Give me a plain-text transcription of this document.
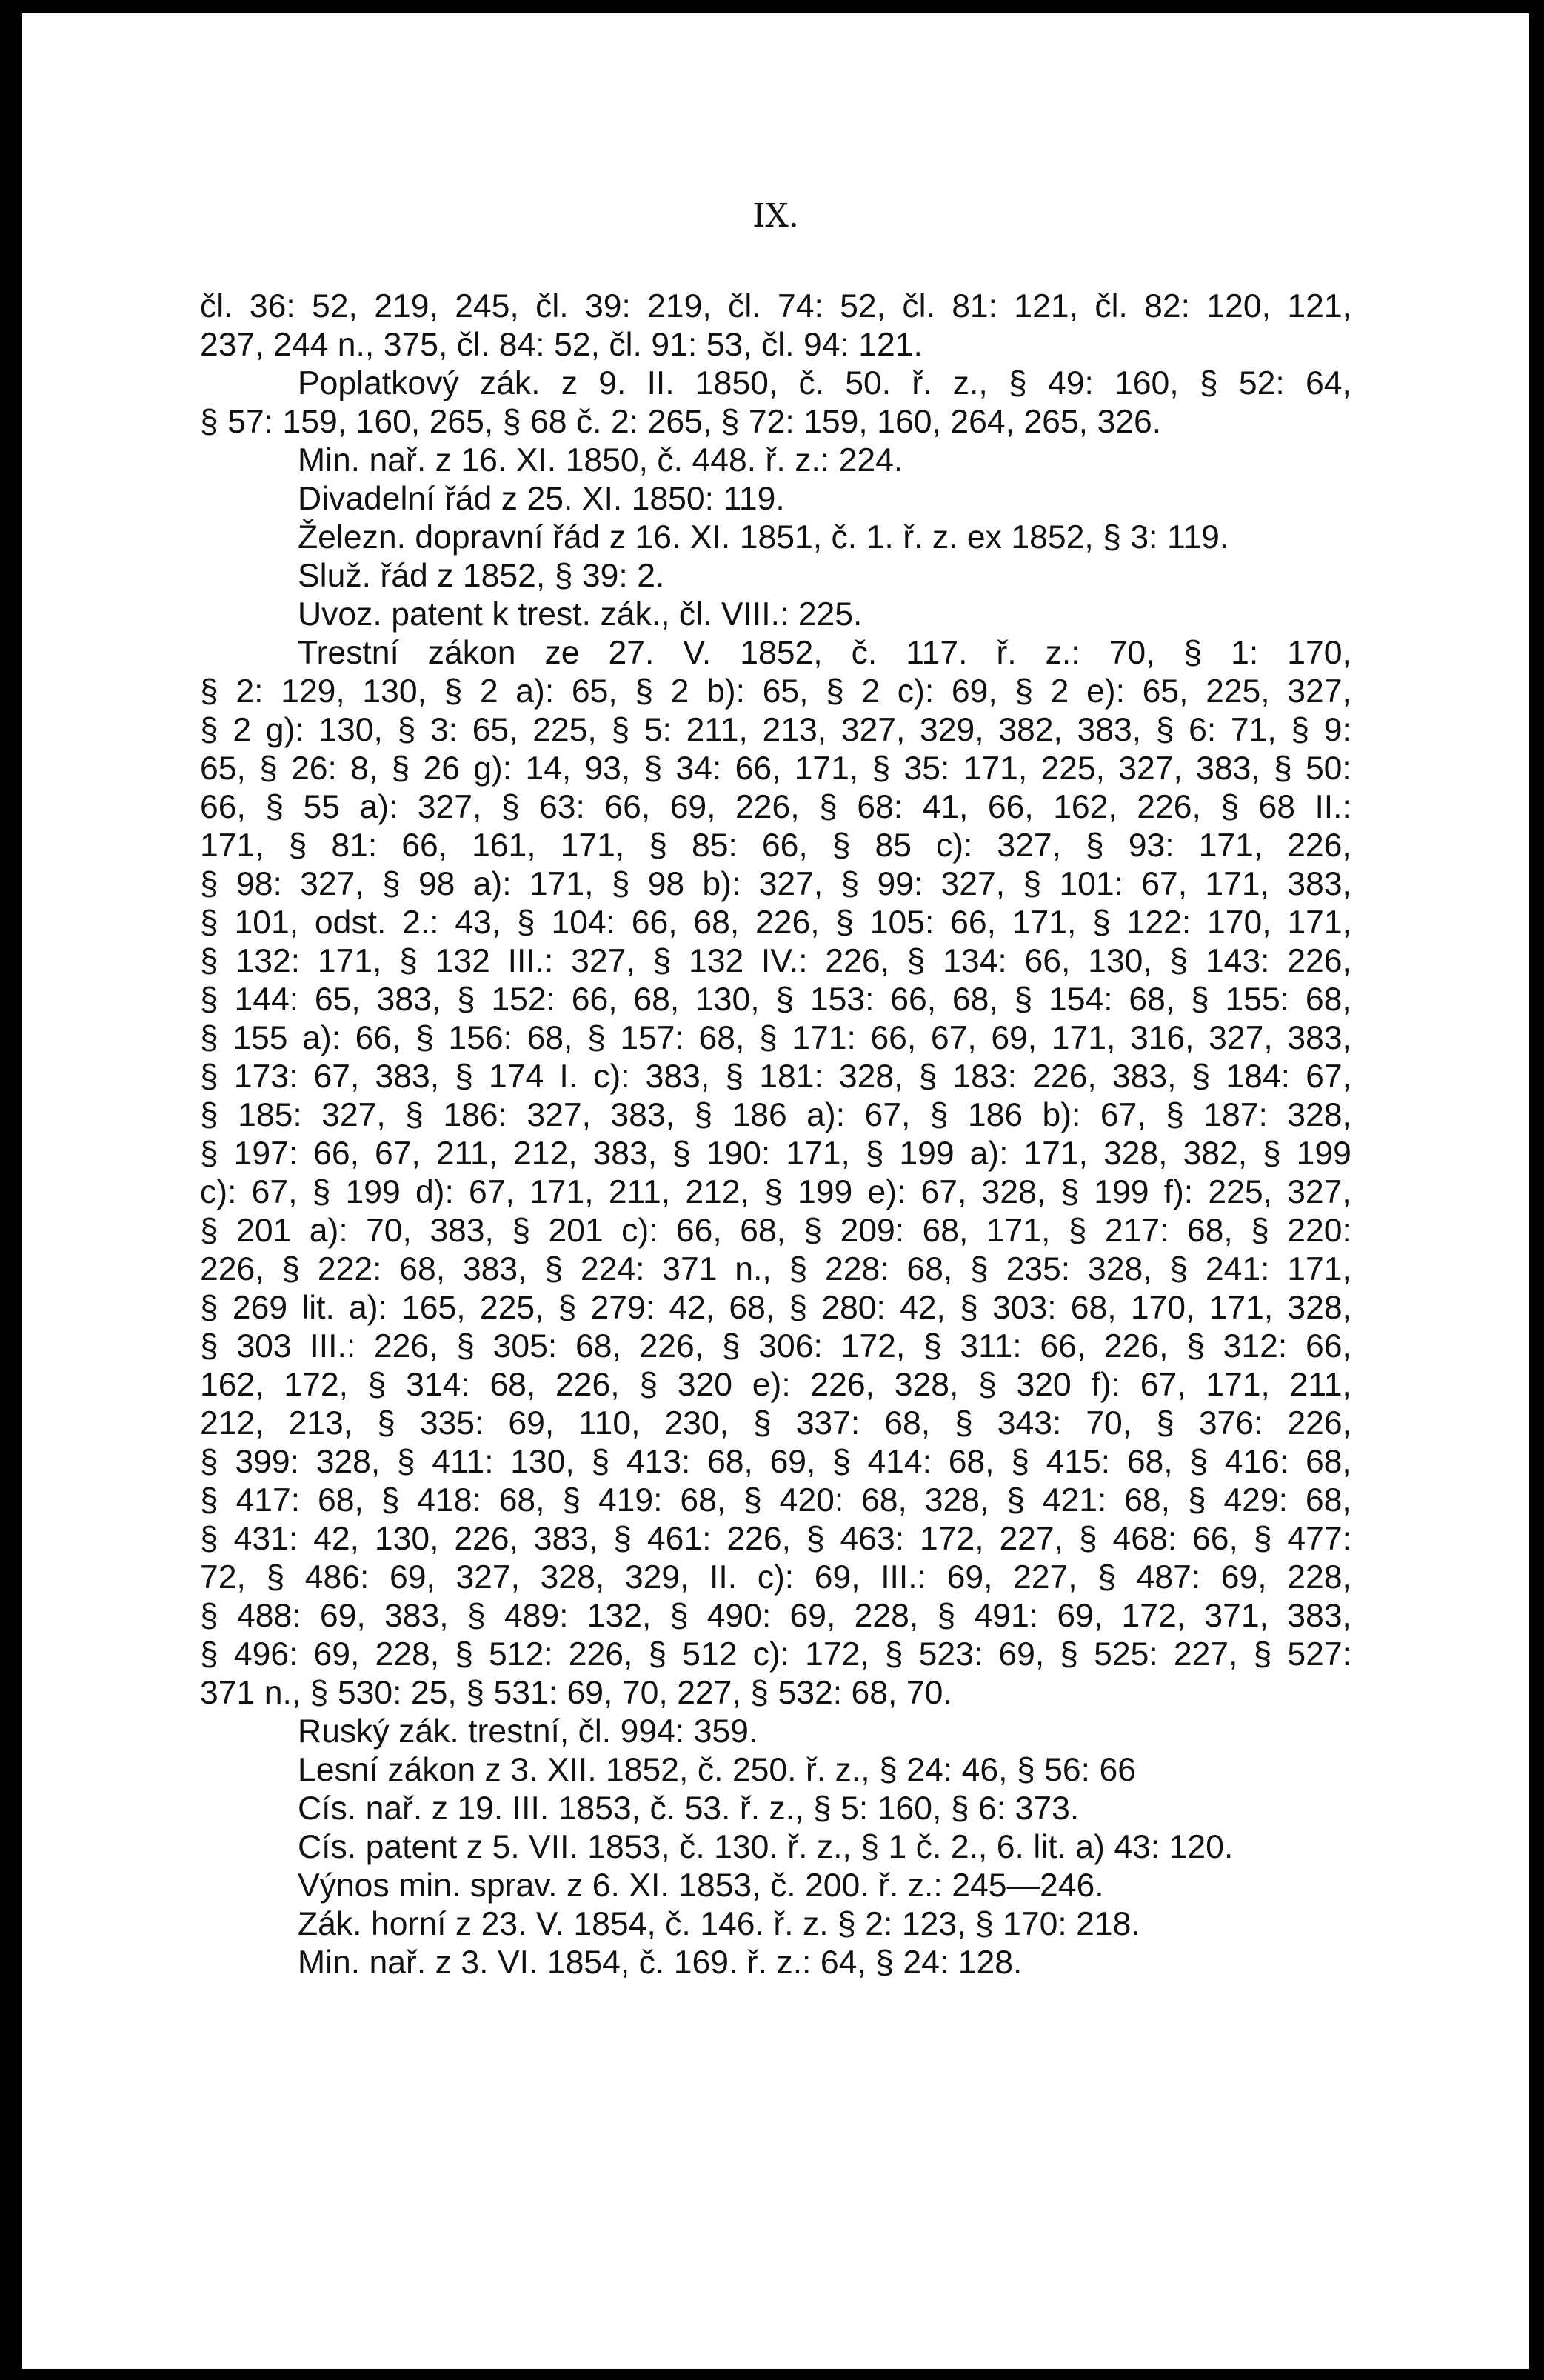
IX.
čl. 36: 52, 219, 245, čl. 39: 219, čl. 74: 52, čl. 81: 121, čl. 82: 120, 121,
237, 244 n., 375, čl. 84: 52, čl. 91: 53, čl. 94: 121.
Poplatkový zák. z 9. II. 1850, č. 50. ř. z., § 49: 160, § 52: 64,
§ 57: 159, 160, 265, § 68 č. 2: 265, § 72: 159, 160, 264, 265, 326.
Min. nař. z 16. XI. 1850, č. 448. ř. z.: 224.
Divadelní řád z 25. XI. 1850: 119.
Železn. dopravní řád z 16. XI. 1851, č. 1. ř. z. ex 1852, § 3: 119.
Služ. řád z 1852, § 39: 2.
Uvoz. patent k trest. zák., čl. VIII.: 225.
Trestní zákon ze 27. V. 1852, č. 117. ř. z.: 70, § 1: 170,
§ 2: 129, 130, § 2 a): 65, § 2 b): 65, § 2 c): 69, § 2 e): 65, 225, 327,
§ 2 g): 130, § 3: 65, 225, § 5: 211, 213, 327, 329, 382, 383, § 6: 71, § 9:
65, § 26: 8, § 26 g): 14, 93, § 34: 66, 171, § 35: 171, 225, 327, 383, § 50:
66, § 55 a): 327, § 63: 66, 69, 226, § 68: 41, 66, 162, 226, § 68 II.:
171, § 81: 66, 161, 171, § 85: 66, § 85 c): 327, § 93: 171, 226,
§ 98: 327, § 98 a): 171, § 98 b): 327, § 99: 327, § 101: 67, 171, 383,
§ 101, odst. 2.: 43, § 104: 66, 68, 226, § 105: 66, 171, § 122: 170, 171,
§ 132: 171, § 132 III.: 327, § 132 IV.: 226, § 134: 66, 130, § 143: 226,
§ 144: 65, 383, § 152: 66, 68, 130, § 153: 66, 68, § 154: 68, § 155: 68,
§ 155 a): 66, § 156: 68, § 157: 68, § 171: 66, 67, 69, 171, 316, 327, 383,
§ 173: 67, 383, § 174 I. c): 383, § 181: 328, § 183: 226, 383, § 184: 67,
§ 185: 327, § 186: 327, 383, § 186 a): 67, § 186 b): 67, § 187: 328,
§ 197: 66, 67, 211, 212, 383, § 190: 171, § 199 a): 171, 328, 382, § 199
c): 67, § 199 d): 67, 171, 211, 212, § 199 e): 67, 328, § 199 f): 225, 327,
§ 201 a): 70, 383, § 201 c): 66, 68, § 209: 68, 171, § 217: 68, § 220:
226, § 222: 68, 383, § 224: 371 n., § 228: 68, § 235: 328, § 241: 171,
§ 269 lit. a): 165, 225, § 279: 42, 68, § 280: 42, § 303: 68, 170, 171, 328,
§ 303 III.: 226, § 305: 68, 226, § 306: 172, § 311: 66, 226, § 312: 66,
162, 172, § 314: 68, 226, § 320 e): 226, 328, § 320 f): 67, 171, 211,
212, 213, § 335: 69, 110, 230, § 337: 68, § 343: 70, § 376: 226,
§ 399: 328, § 411: 130, § 413: 68, 69, § 414: 68, § 415: 68, § 416: 68,
§ 417: 68, § 418: 68, § 419: 68, § 420: 68, 328, § 421: 68, § 429: 68,
§ 431: 42, 130, 226, 383, § 461: 226, § 463: 172, 227, § 468: 66, § 477:
72, § 486: 69, 327, 328, 329, II. c): 69, III.: 69, 227, § 487: 69, 228,
§ 488: 69, 383, § 489: 132, § 490: 69, 228, § 491: 69, 172, 371, 383,
§ 496: 69, 228, § 512: 226, § 512 c): 172, § 523: 69, § 525: 227, § 527:
371 n., § 530: 25, § 531: 69, 70, 227, § 532: 68, 70.
Ruský zák. trestní, čl. 994: 359.
Lesní zákon z 3. XII. 1852, č. 250. ř. z., § 24: 46, § 56: 66
Cís. nař. z 19. III. 1853, č. 53. ř. z., § 5: 160, § 6: 373.
Cís. patent z 5. VII. 1853, č. 130. ř. z., § 1 č. 2., 6. lit. a) 43: 120.
Výnos min. sprav. z 6. XI. 1853, č. 200. ř. z.: 245—246.
Zák. horní z 23. V. 1854, č. 146. ř. z. § 2: 123, § 170: 218.
Min. nař. z 3. VI. 1854, č. 169. ř. z.: 64, § 24: 128.
